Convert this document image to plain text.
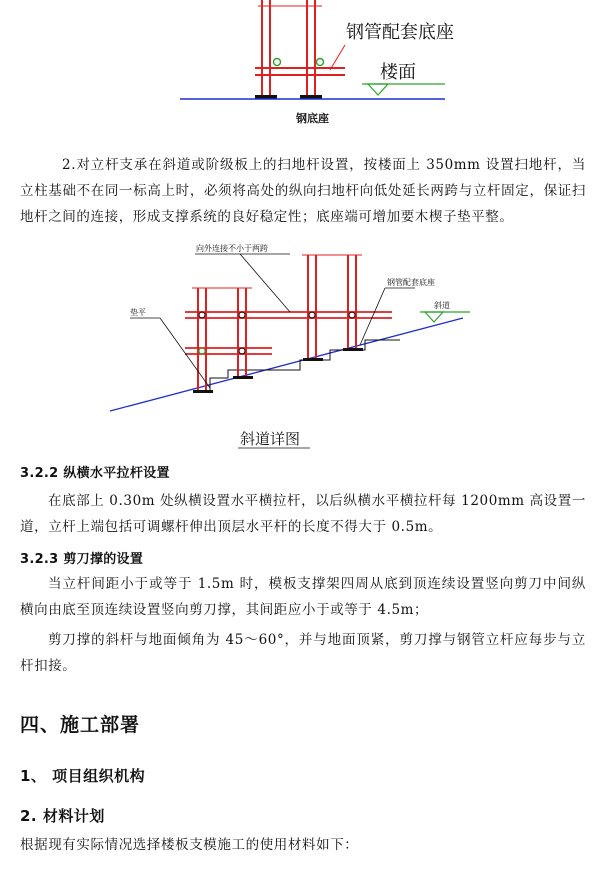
钢管配套底座
楼面
钢底座

2.对立杆支承在斜道或阶级板上的扫地杆设置，按楼面上 350mm 设置扫地杆，当立柱基础不在同一标高上时，必须将高处的纵向扫地杆向低处延长两跨与立杆固定，保证扫地杆之间的连接，形成支撑系统的良好稳定性；底座端可增加要木楔子垫平整。

向外连接不小于两跨
钢管配套底座
垫平
斜道
斜道详图

3.2.2 纵横水平拉杆设置

在底部上 0.30m 处纵横设置水平横拉杆，以后纵横水平横拉杆每 1200mm 高设置一道，立杆上端包括可调螺杆伸出顶层水平杆的长度不得大于 0.5m。

3.2.3 剪刀撑的设置

当立杆间距小于或等于 1.5m 时，模板支撑架四周从底到顶连续设置竖向剪刀中间纵横向由底至顶连续设置竖向剪刀撑，其间距应小于或等于 4.5m；

剪刀撑的斜杆与地面倾角为 45～60°，并与地面顶紧，剪刀撑与钢管立杆应每步与立杆扣接。

四、施工部署

1、 项目组织机构

2. 材料计划

根据现有实际情况选择楼板支模施工的使用材料如下：
